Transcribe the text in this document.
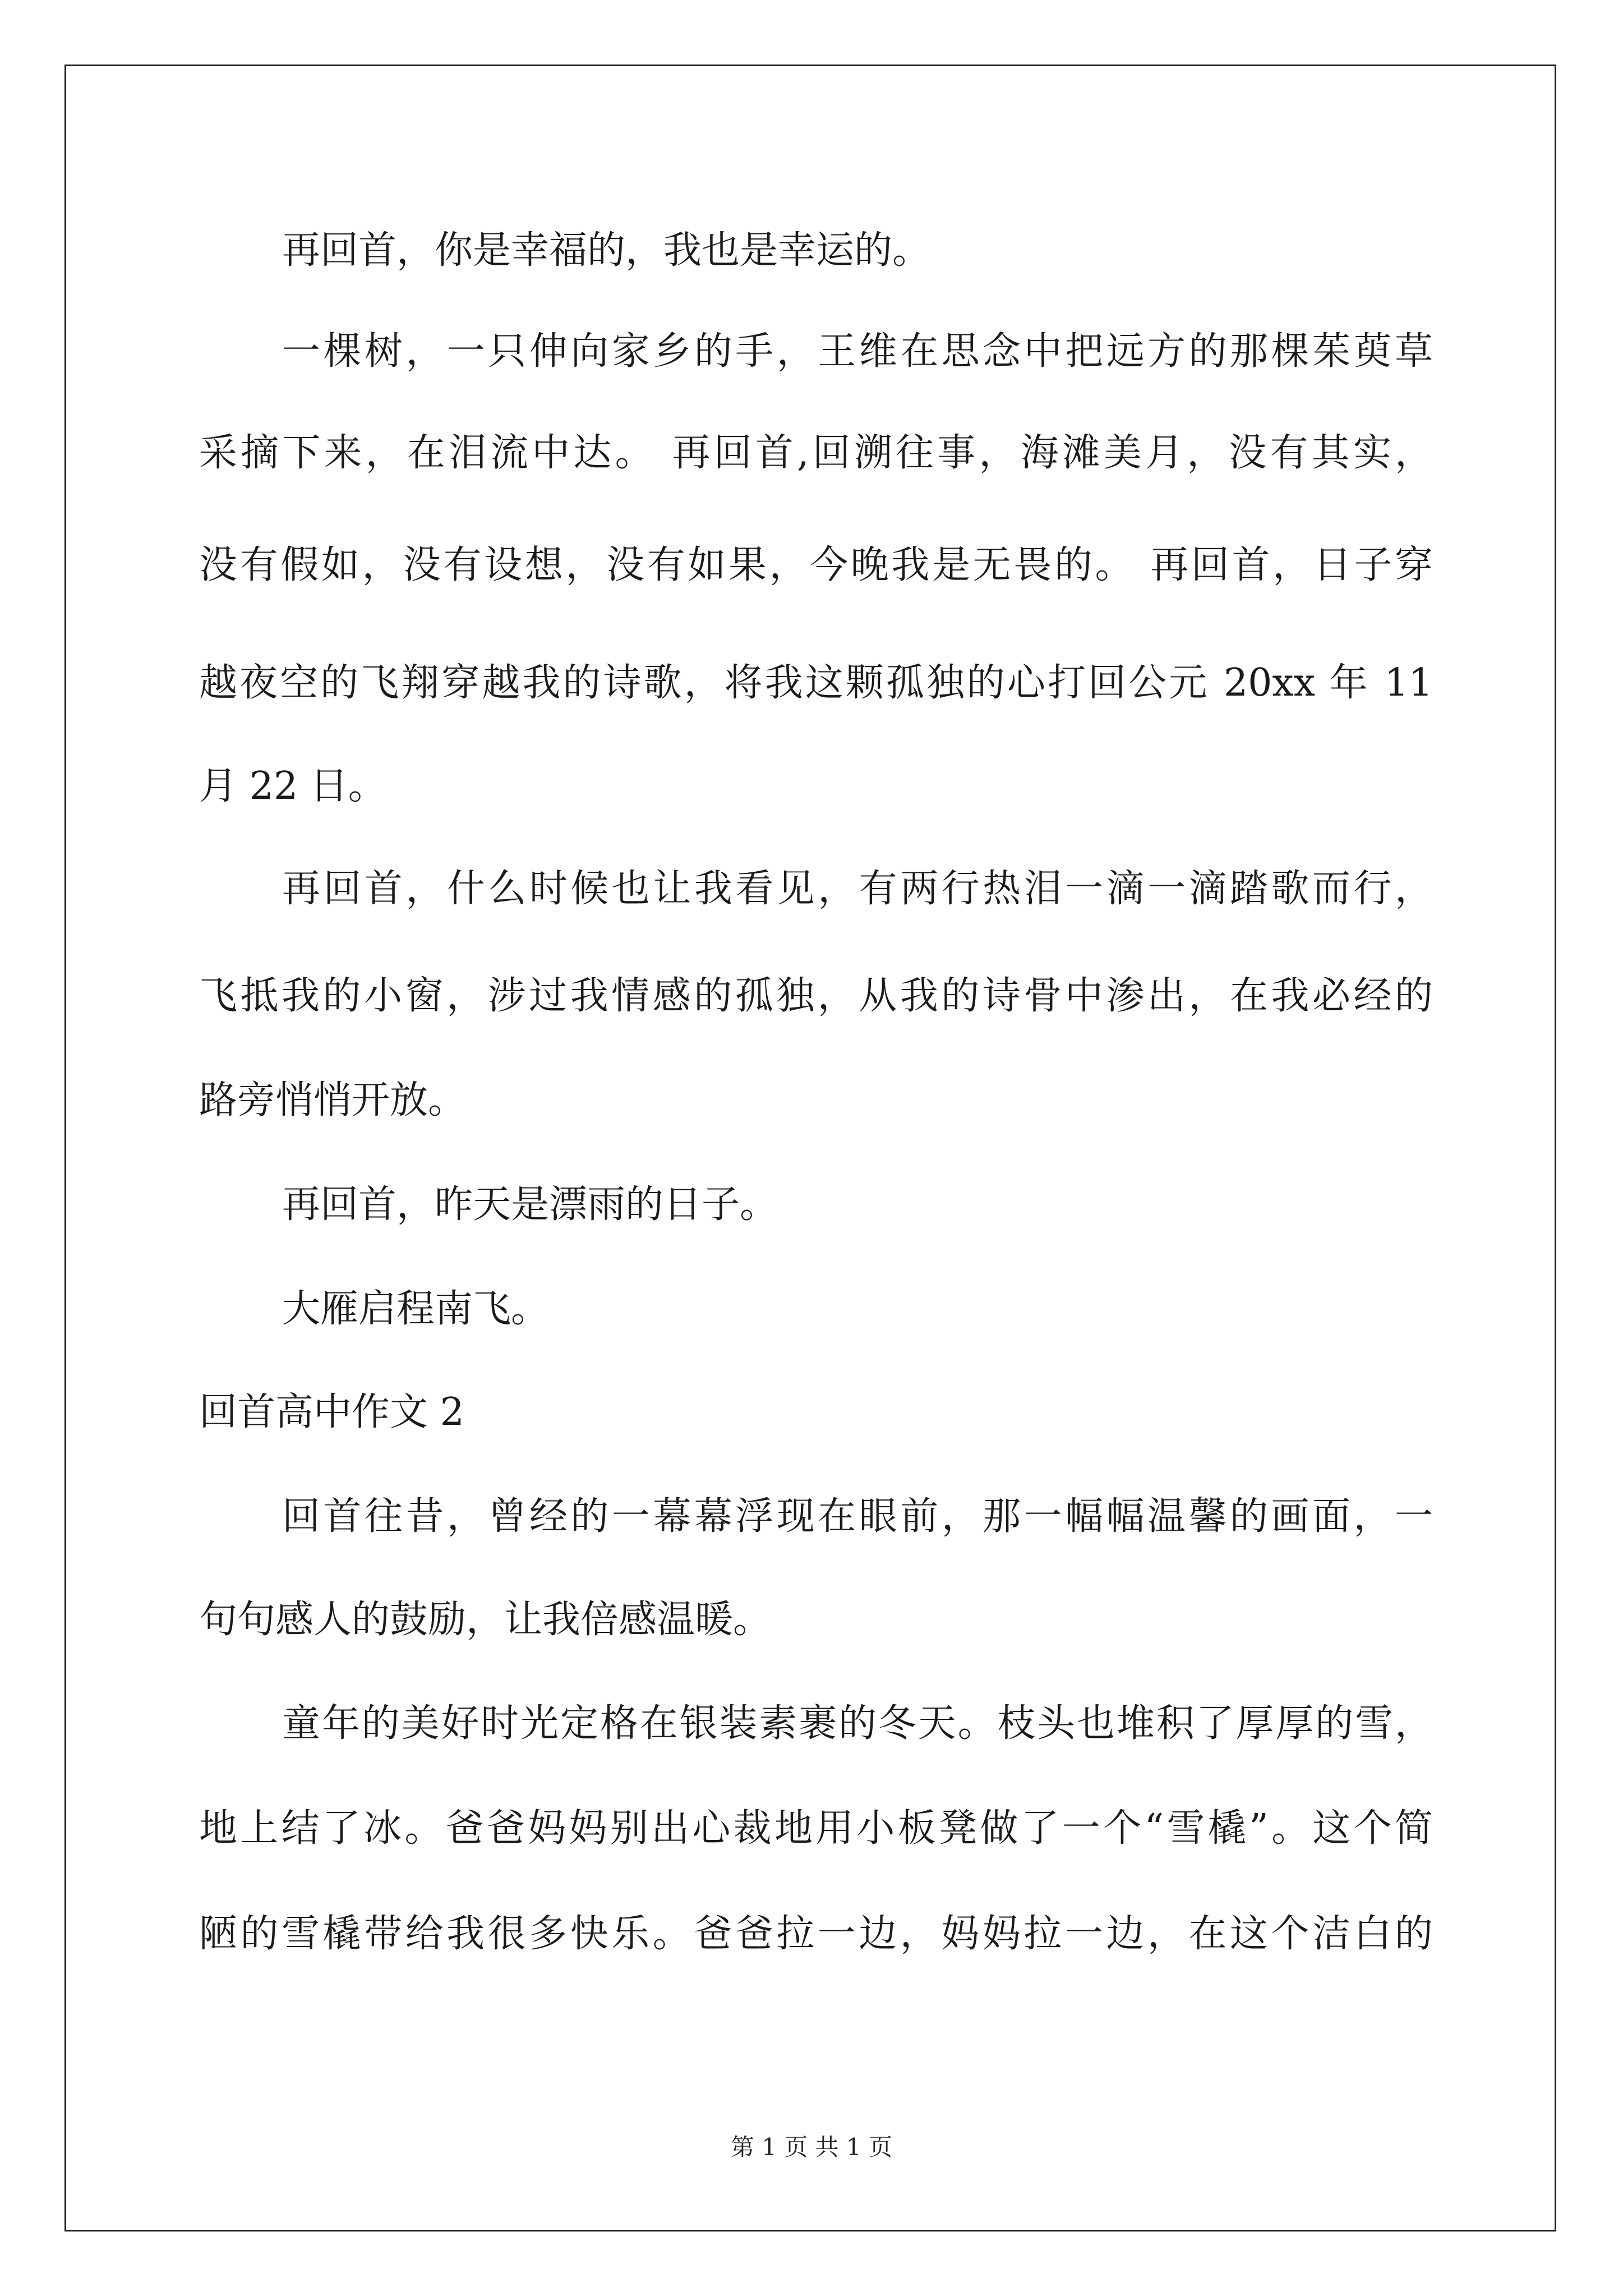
再回首，你是幸福的，我也是幸运的。
一棵树，一只伸向家乡的手，王维在思念中把远方的那棵茱萸草
采摘下来，在泪流中达。 再回首,回溯往事，海滩美月，没有其实，
没有假如，没有设想，没有如果，今晚我是无畏的。 再回首，日子穿
越夜空的飞翔穿越我的诗歌，将我这颗孤独的心打回公元 20xx 年 11
月 22 日。
再回首，什么时候也让我看见，有两行热泪一滴一滴踏歌而行，
飞抵我的小窗，涉过我情感的孤独，从我的诗骨中渗出，在我必经的
路旁悄悄开放。
再回首，昨天是漂雨的日子。
大雁启程南飞。
回首高中作文 2
回首往昔，曾经的一幕幕浮现在眼前，那一幅幅温馨的画面，一
句句感人的鼓励，让我倍感温暖。
童年的美好时光定格在银装素裹的冬天。枝头也堆积了厚厚的雪，
地上结了冰。爸爸妈妈别出心裁地用小板凳做了一个“雪橇”。这个简
陋的雪橇带给我很多快乐。爸爸拉一边，妈妈拉一边，在这个洁白的
第 1 页 共 1 页
